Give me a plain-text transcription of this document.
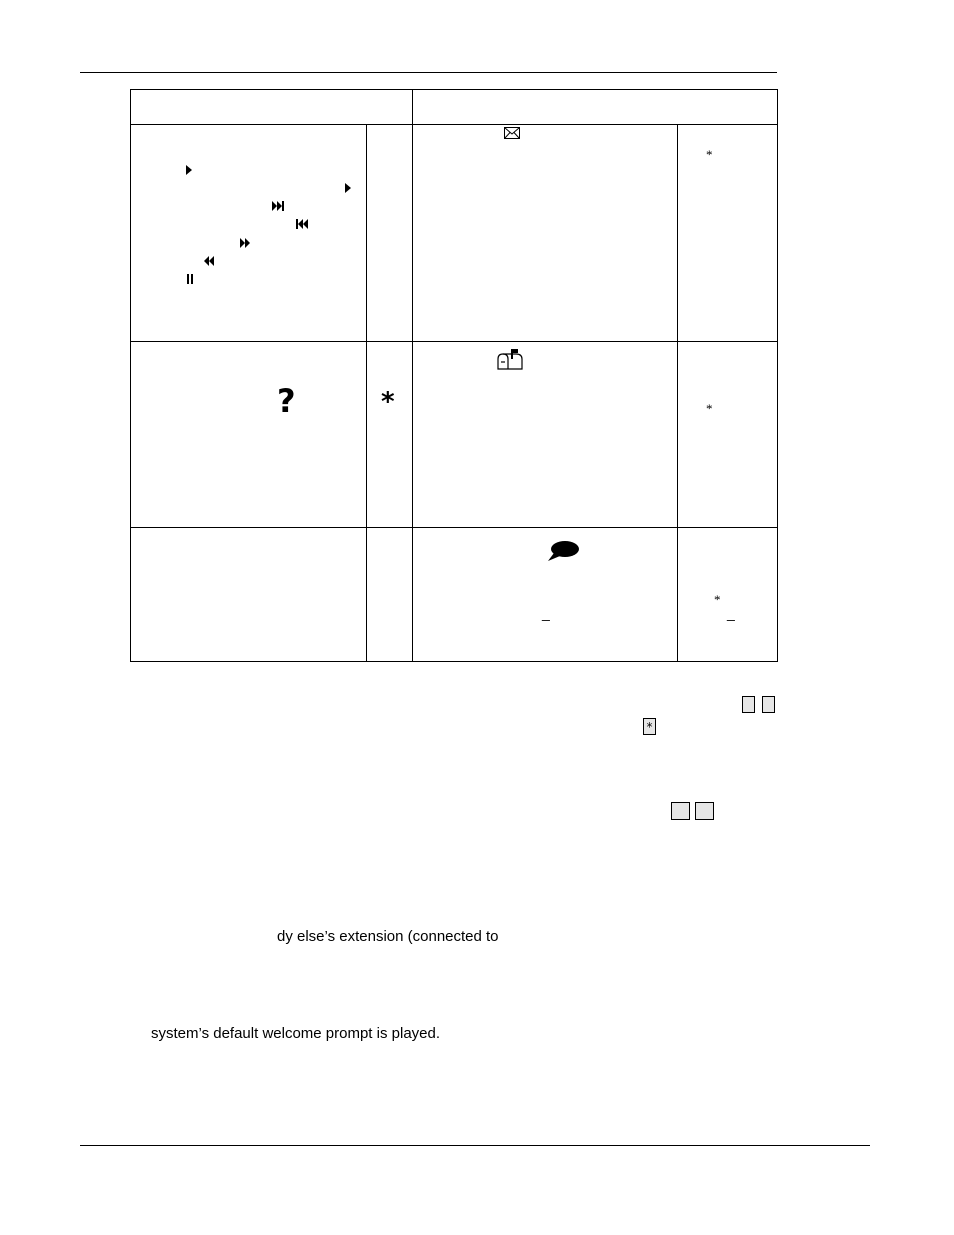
*
?	*	*
_
*
_
*
dy else’s extension (connected to
system’s default welcome prompt is played.
